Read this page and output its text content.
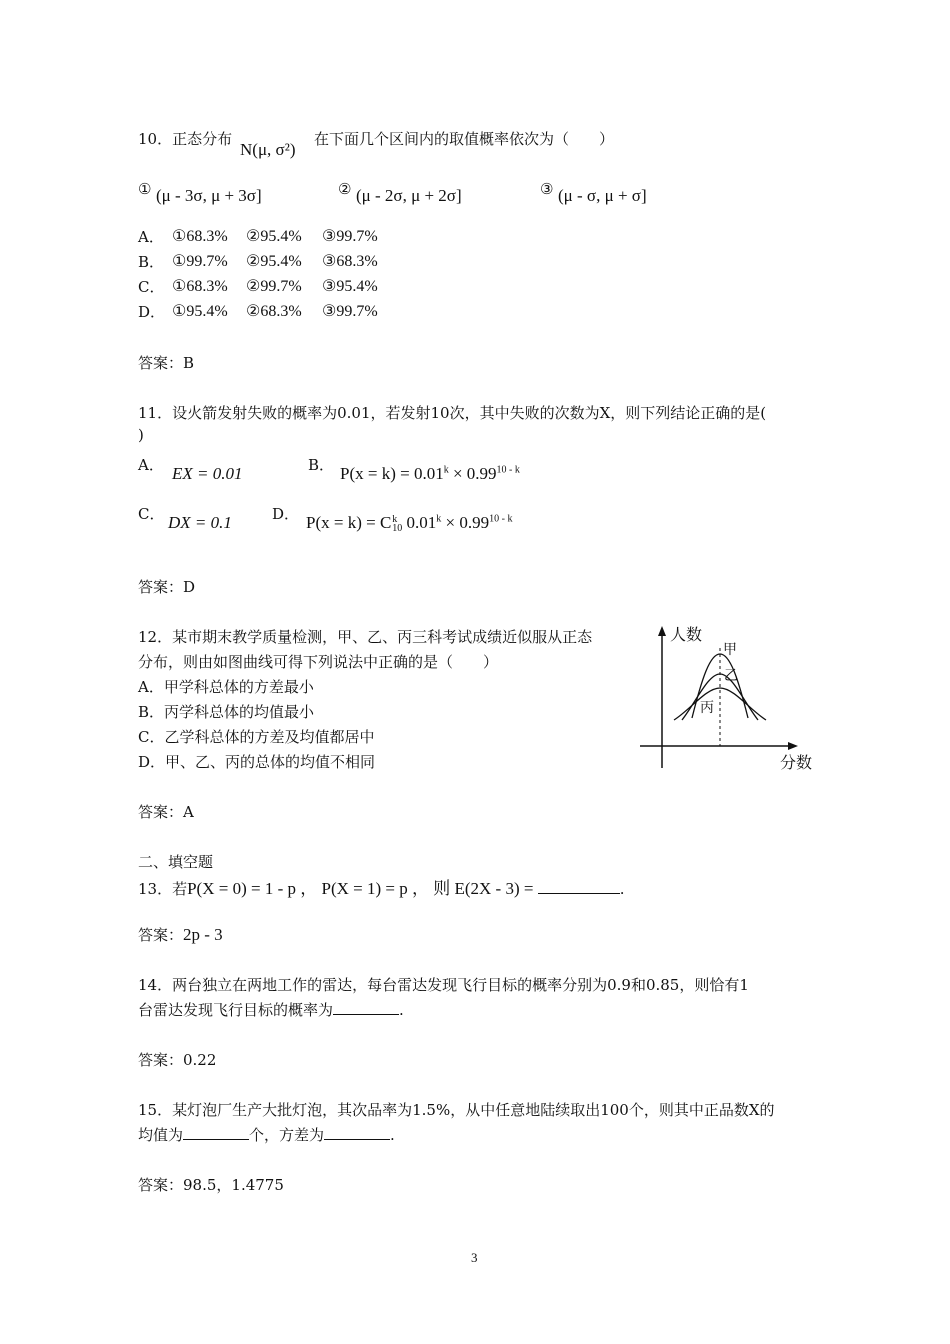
10．正态分布
N(μ, σ²)
在下面几个区间内的取值概率依次为（　　）
① (μ - 3σ, μ + 3σ]	② (μ - 2σ, μ + 2σ]	③ (μ - σ, μ + σ]
A． ①68.3% ②95.4% ③99.7%
B． ①99.7% ②95.4% ③68.3%
C． ①68.3% ②99.7% ③95.4%
D． ①95.4% ②68.3% ③99.7%
答案：B
11．设火箭发射失败的概率为0.01，若发射10次，其中失败的次数为X，则下列结论正确的是(
)
A． EX = 0.01	B． $P(x = k) = 0.01^k \times 0.99^{10 - k}$
C． DX = 0.1	D． P(x = k) = C k
10 $0.01^k \times 0.99^{10 - k}$
答案：D
12．某市期末教学质量检测，甲、乙、丙三科考试成绩近似服从正态
分布，则由如图曲线可得下列说法中正确的是（　　）
A．甲学科总体的方差最小
B．丙学科总体的均值最小
C．乙学科总体的方差及均值都居中
D．甲、乙、丙的总体的均值不相同
人数
甲
乙
丙
分数
答案：A
二、填空题
13．若P(X = 0) = 1 - p ， P(X = 1) = p ， 则 E(2X - 3) =	.
答案：2p - 3
14．两台独立在两地工作的雷达，每台雷达发现飞行目标的概率分别为0.9和0.85，则恰有1
台雷达发现飞行目标的概率为	.
答案：0.22
15．某灯泡厂生产大批灯泡，其次品率为1.5%，从中任意地陆续取出100个，则其中正品数X的
均值为	个，方差为	.
答案：98.5，1.4775
3
